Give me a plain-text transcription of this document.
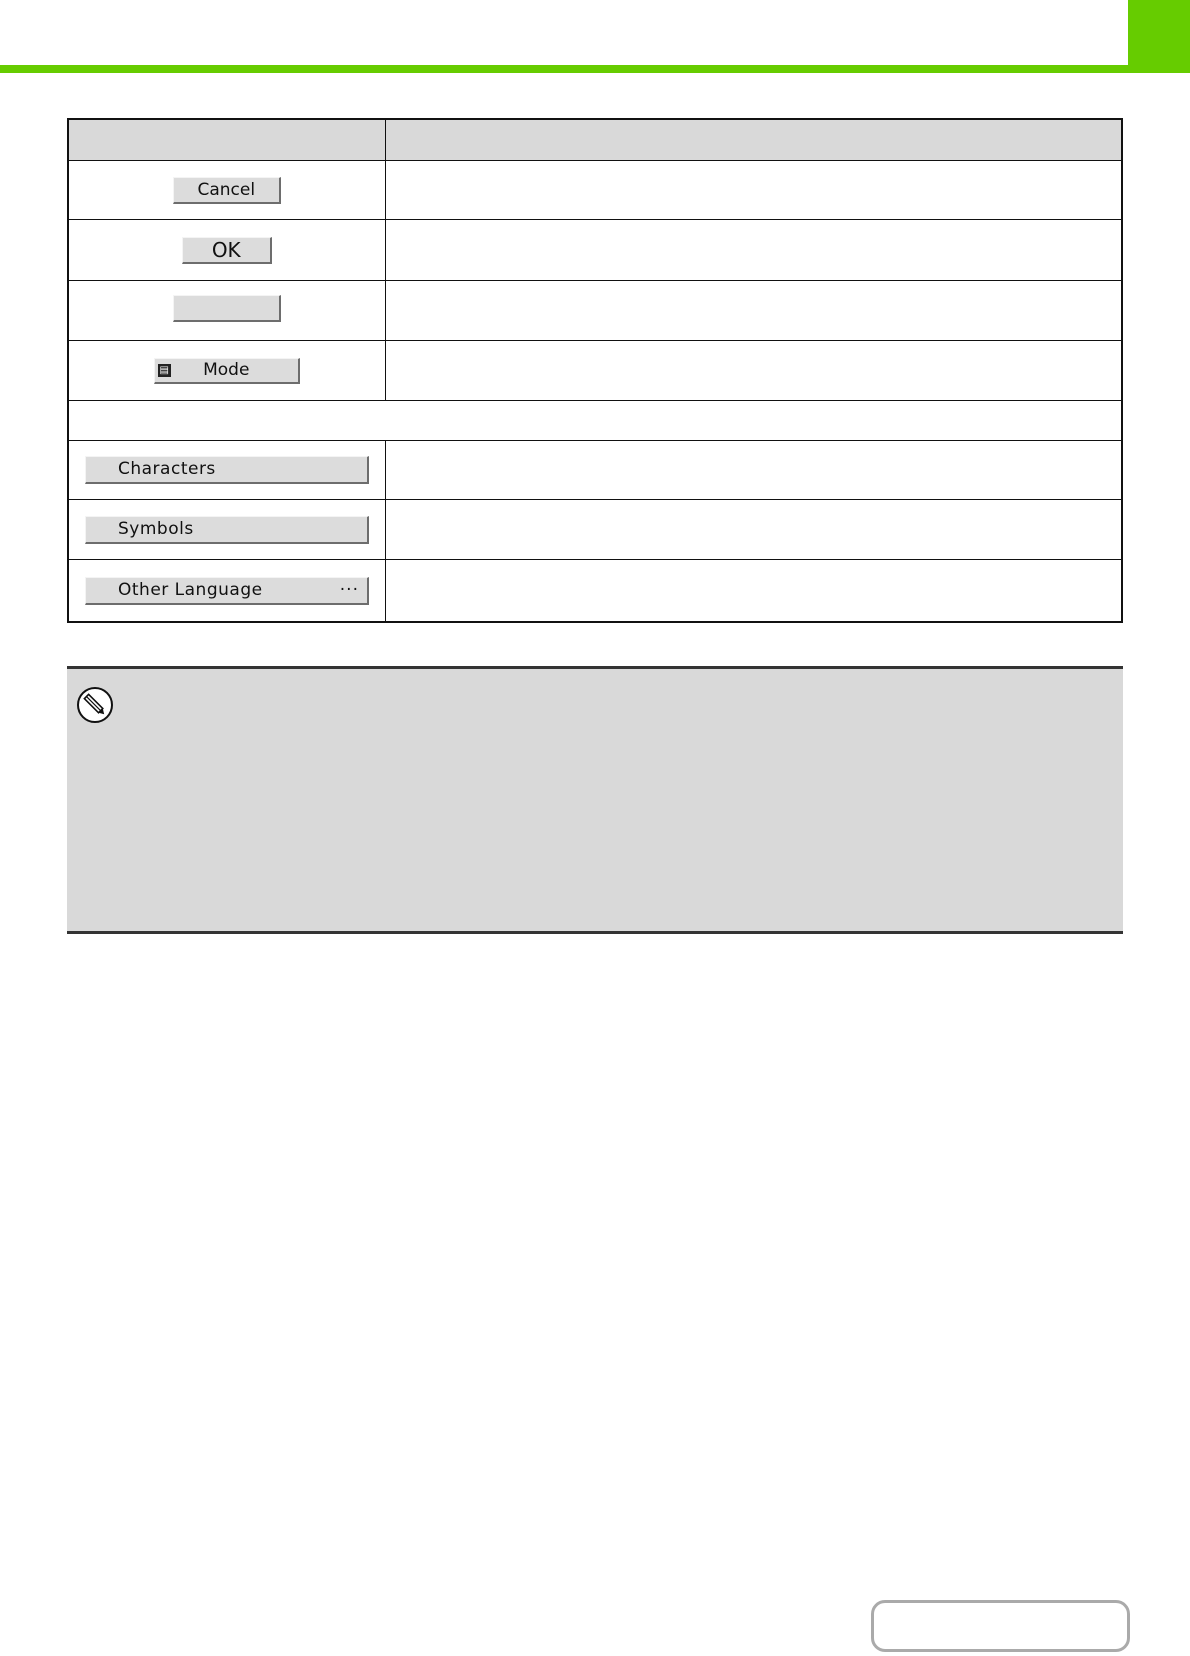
Cancel	
OK	

▤ Mode	

Characters	
Symbols	
Other Language ···	
